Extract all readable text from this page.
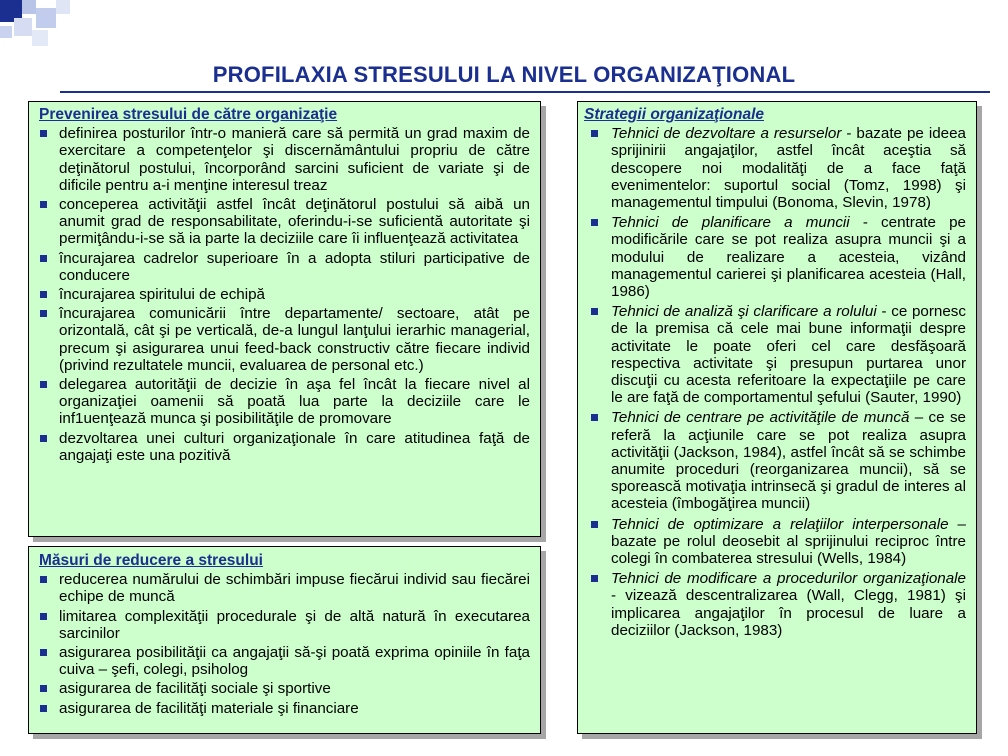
PROFILAXIA STRESULUI LA NIVEL ORGANIZAŢIONAL
Prevenirea stresului de către organizaţie
definirea posturilor într-o manieră care să permită un grad maxim de exercitare a competenţelor şi discernământului propriu de către deţinătorul postului, încorporând sarcini suficient de variate şi de dificile pentru a-i menţine interesul treaz
conceperea activităţii astfel încât deţinătorul postului să aibă un anumit grad de responsabilitate, oferindu-i-se suficientă autoritate şi permiţându-i-se să ia parte la deciziile care îi influenţează activitatea
încurajarea cadrelor superioare în a adopta stiluri participative de conducere
încurajarea spiritului de echipă
încurajarea comunicării între departamente/ sectoare, atât pe orizontală, cât şi pe verticală, de-a lungul lanţului ierarhic managerial, precum şi asigurarea unui feed-back constructiv către fiecare individ (privind rezultatele muncii, evaluarea de personal etc.)
delegarea autorităţii de decizie în aşa fel încât la fiecare nivel al organizaţiei oamenii să poată lua parte la deciziile care le inf1uenţează munca şi posibilităţile de promovare
dezvoltarea unei culturi organizaţionale în care atitudinea faţă de angajaţi este una pozitivă
Măsuri de reducere a stresului
reducerea numărului de schimbări impuse fiecărui individ sau fiecărei echipe de muncă
limitarea complexităţii procedurale şi de altă natură în executarea sarcinilor
asigurarea posibilităţii ca angajaţii să-şi poată exprima opiniile în faţa cuiva – şefi, colegi, psiholog
asigurarea de facilităţi sociale şi sportive
asigurarea de facilităţi materiale şi financiare
Strategii organizaţionale
Tehnici de dezvoltare a resurselor - bazate pe ideea sprijinirii angajaţilor, astfel încât aceştia să descopere noi modalităţi de a face faţă evenimentelor: suportul social (Tomz, 1998) şi managementul timpului (Bonoma, Slevin, 1978)
Tehnici de planificare a muncii - centrate pe modificările care se pot realiza asupra muncii şi a modului de realizare a acesteia, vizând managementul carierei şi planificarea acesteia (Hall, 1986)
Tehnici de analiză şi clarificare a rolului - ce pornesc de la premisa că cele mai bune informaţii despre activitate le poate oferi cel care desfăşoară respectiva activitate şi presupun purtarea unor discuţii cu acesta referitoare la expectaţiile pe care le are faţă de comportamentul şefului (Sauter, 1990)
Tehnici de centrare pe activităţile de muncă – ce se referă la acţiunile care se pot realiza asupra activităţii (Jackson, 1984), astfel încât să se schimbe anumite proceduri (reorganizarea muncii), să se sporească motivaţia intrinsecă şi gradul de interes al acesteia (îmbogăţirea muncii)
Tehnici de optimizare a relaţiilor interpersonale – bazate pe rolul deosebit al sprijinului reciproc între colegi în combaterea stresului (Wells, 1984)
Tehnici de modificare a procedurilor organizaţionale - vizează descentralizarea (Wall, Clegg, 1981) şi implicarea angajaţilor în procesul de luare a deciziilor (Jackson, 1983)
